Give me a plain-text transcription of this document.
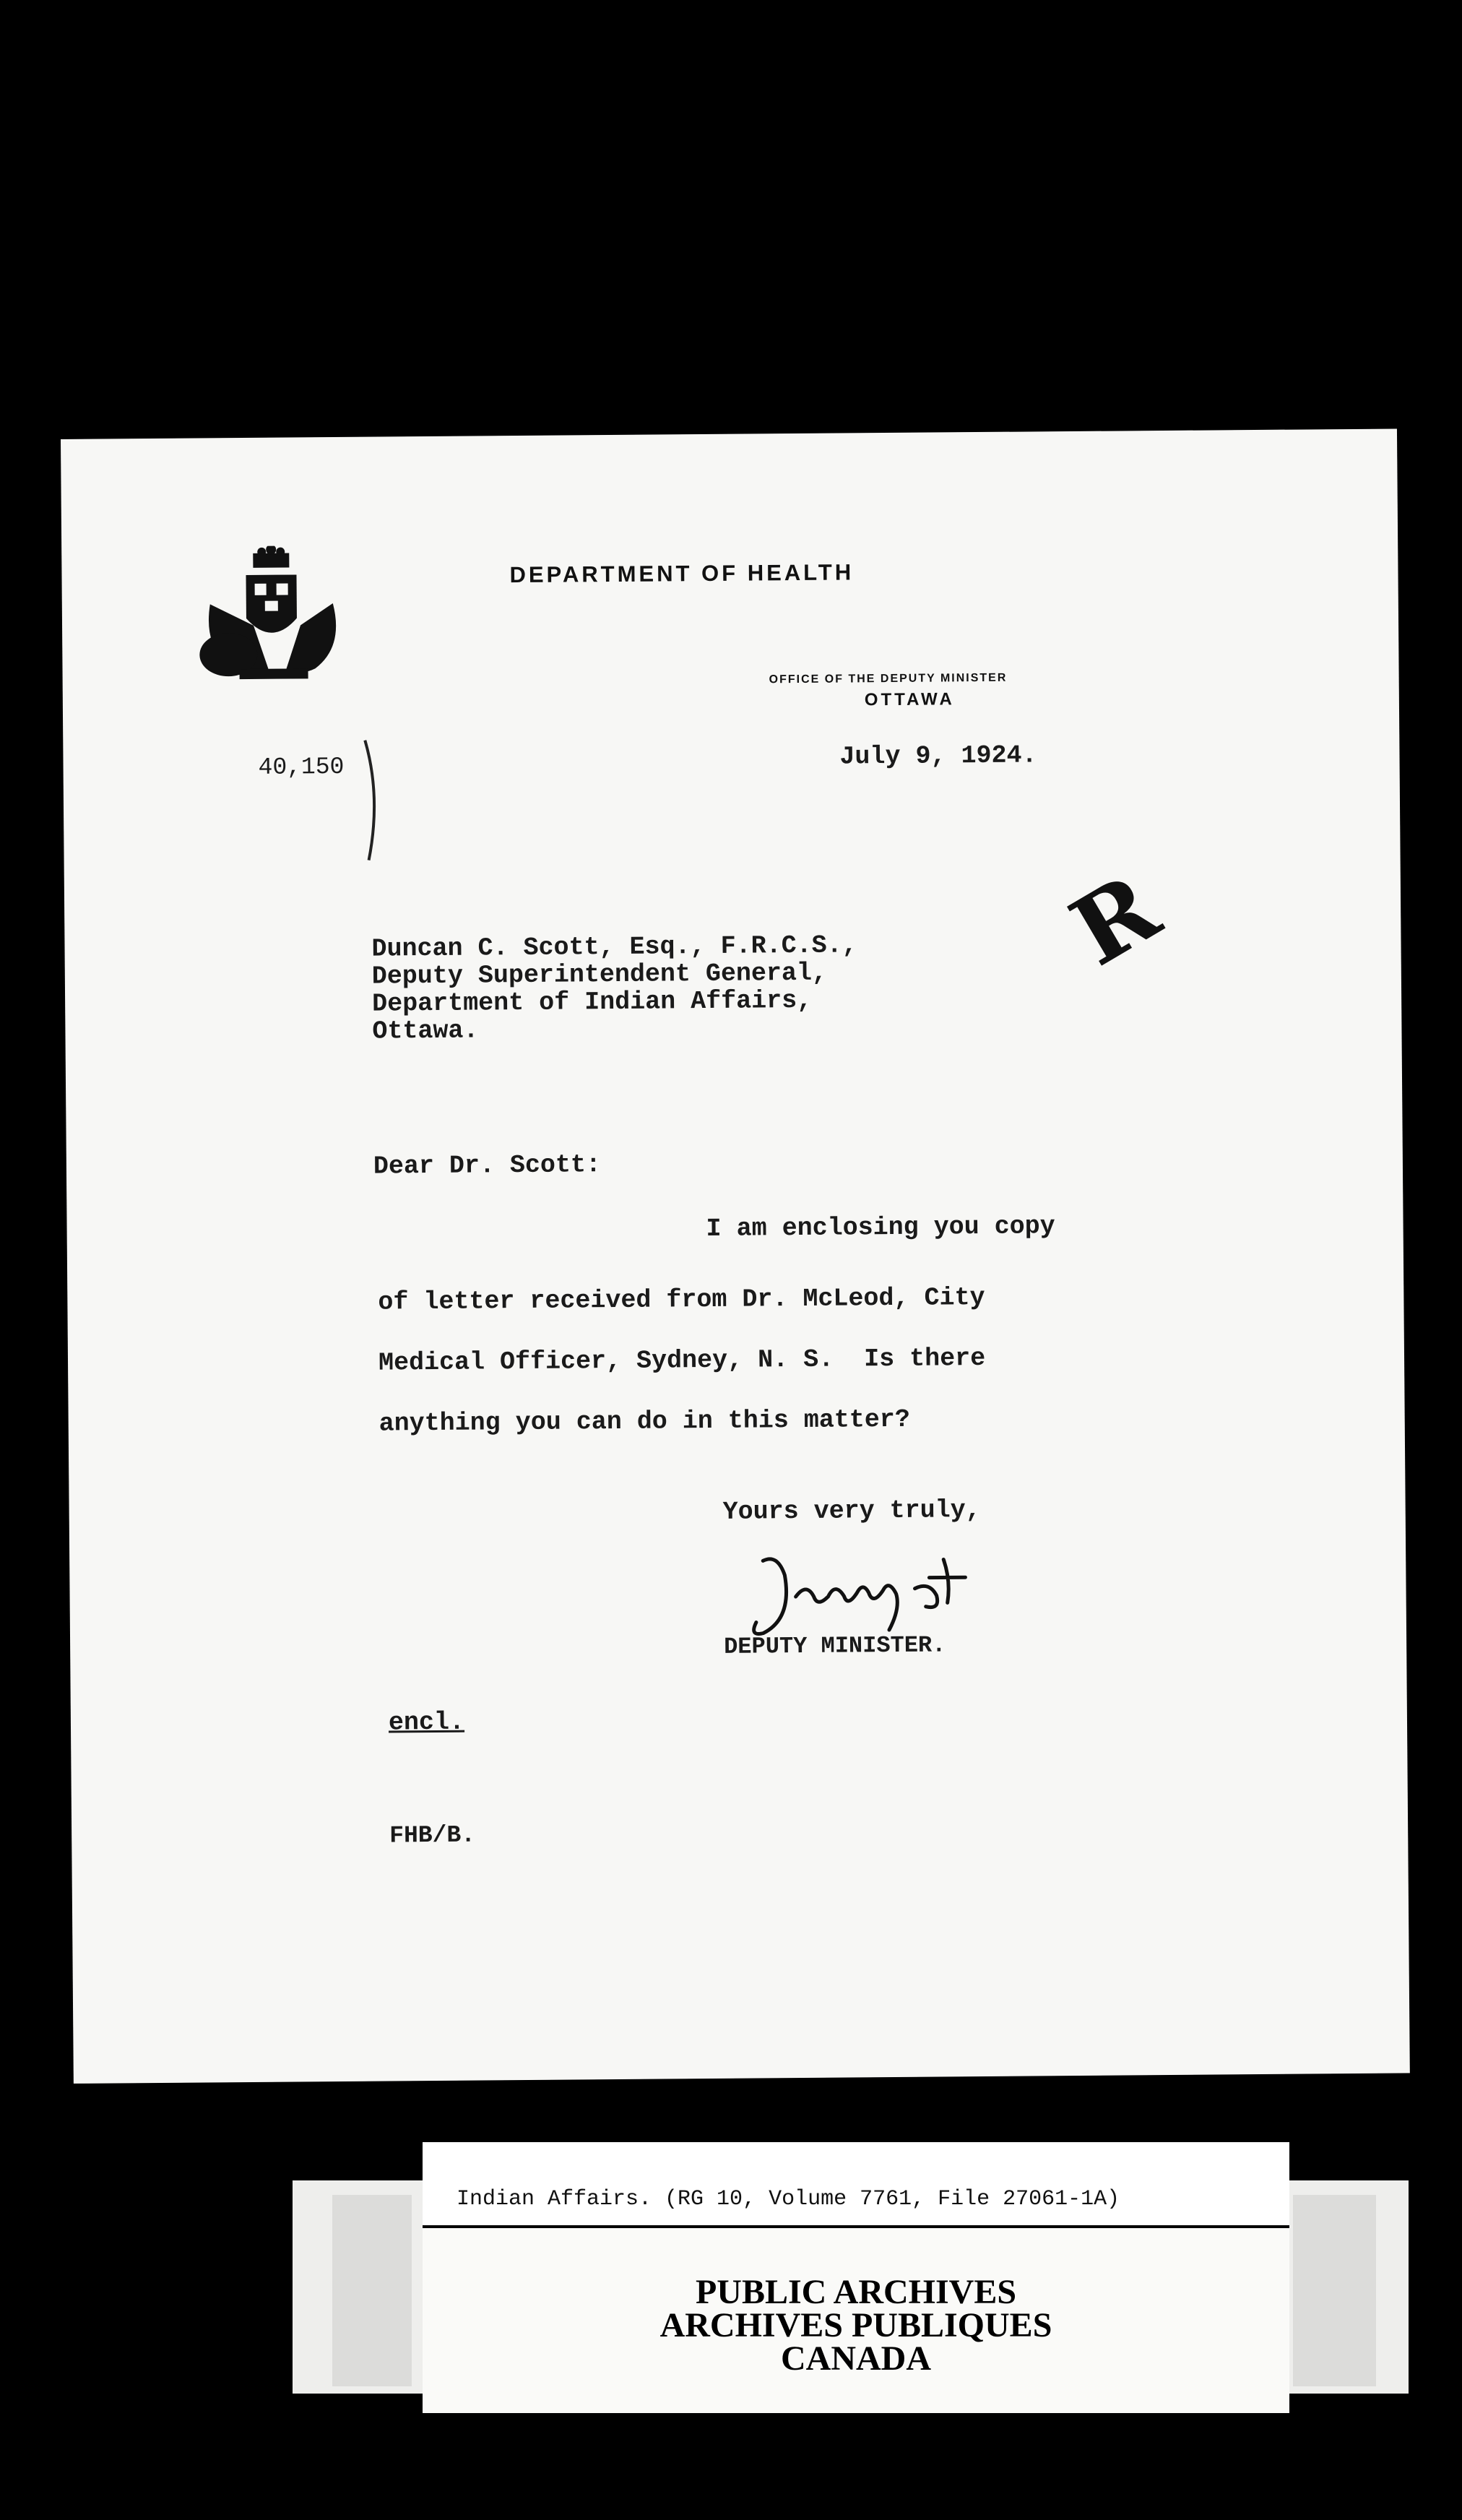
DEPARTMENT OF HEALTH
OFFICE OF THE DEPUTY MINISTER
OTTAWA
40,150	July 9, 1924.
R
Duncan C. Scott, Esq., F.R.C.S.,
Deputy Superintendent General,
Department of Indian Affairs,
Ottawa.
Dear Dr. Scott:
I am enclosing you copy
of letter received from Dr. McLeod, City
Medical Officer, Sydney, N. S.  Is there
anything you can do in this matter?
Yours very truly,
DEPUTY MINISTER.
encl.
FHB/B.
Indian Affairs. (RG 10, Volume 7761, File 27061-1A)
PUBLIC ARCHIVES
ARCHIVES PUBLIQUES
CANADA
